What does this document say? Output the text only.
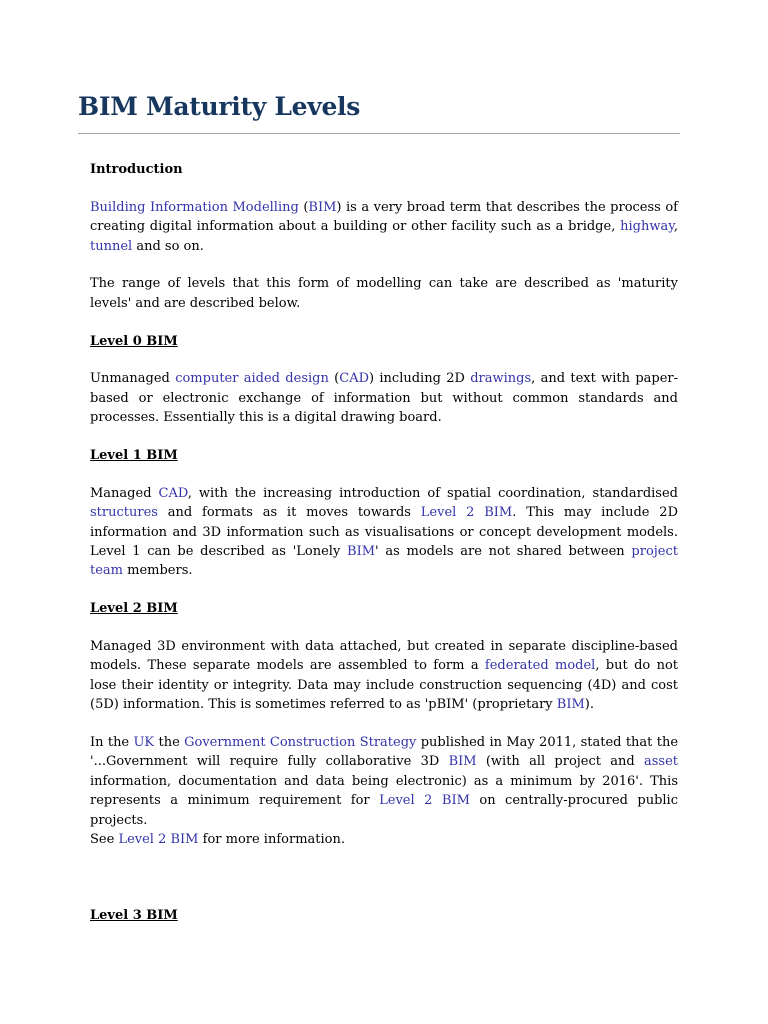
BIM Maturity Levels

Introduction

Building Information Modelling (BIM) is a very broad term that describes the process of creating digital information about a building or other facility such as a bridge, highway, tunnel and so on.

The range of levels that this form of modelling can take are described as 'maturity levels' and are described below.

Level 0 BIM

Unmanaged computer aided design (CAD) including 2D drawings, and text with paper-based or electronic exchange of information but without common standards and processes. Essentially this is a digital drawing board.

Level 1 BIM

Managed CAD, with the increasing introduction of spatial coordination, standardised structures and formats as it moves towards Level 2 BIM. This may include 2D information and 3D information such as visualisations or concept development models. Level 1 can be described as 'Lonely BIM' as models are not shared between project team members.

Level 2 BIM

Managed 3D environment with data attached, but created in separate discipline-based models. These separate models are assembled to form a federated model, but do not lose their identity or integrity. Data may include construction sequencing (4D) and cost (5D) information. This is sometimes referred to as 'pBIM' (proprietary BIM).

In the UK the Government Construction Strategy published in May 2011, stated that the '...Government will require fully collaborative 3D BIM (with all project and asset information, documentation and data being electronic) as a minimum by 2016'. This represents a minimum requirement for Level 2 BIM on centrally-procured public projects.

See Level 2 BIM for more information.

Level 3 BIM
